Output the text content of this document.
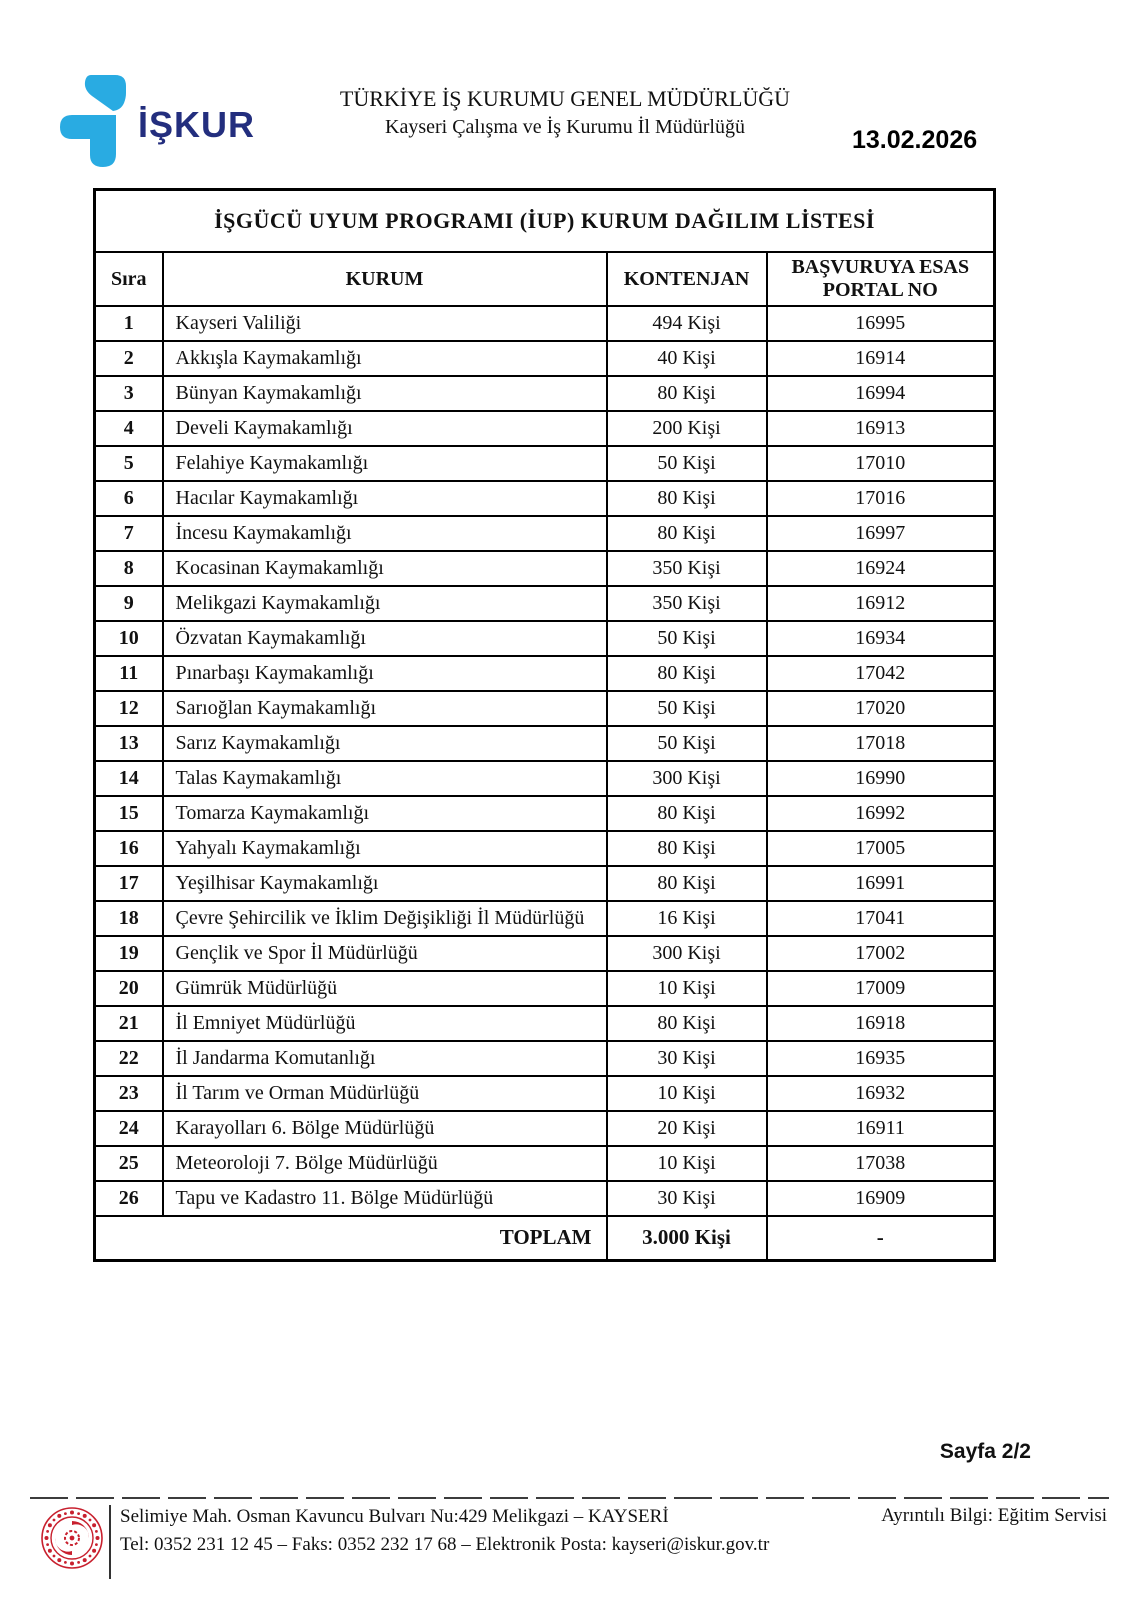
İŞKUR
TÜRKİYE İŞ KURUMU GENEL MÜDÜRLÜĞÜ
Kayseri Çalışma ve İş Kurumu İl Müdürlüğü	13.02.2026
İŞGÜCÜ UYUM PROGRAMI (İUP) KURUM DAĞILIM LİSTESİ			
Sıra	KURUM	KONTENJAN	BAŞVURUYA ESAS PORTAL NO
1	Kayseri Valiliği	494 Kişi	16995
2	Akkışla Kaymakamlığı	40 Kişi	16914
3	Bünyan Kaymakamlığı	80 Kişi	16994
4	Develi Kaymakamlığı	200 Kişi	16913
5	Felahiye Kaymakamlığı	50 Kişi	17010
6	Hacılar Kaymakamlığı	80 Kişi	17016
7	İncesu Kaymakamlığı	80 Kişi	16997
8	Kocasinan Kaymakamlığı	350 Kişi	16924
9	Melikgazi Kaymakamlığı	350 Kişi	16912
10	Özvatan Kaymakamlığı	50 Kişi	16934
11	Pınarbaşı Kaymakamlığı	80 Kişi	17042
12	Sarıoğlan Kaymakamlığı	50 Kişi	17020
13	Sarız Kaymakamlığı	50 Kişi	17018
14	Talas Kaymakamlığı	300 Kişi	16990
15	Tomarza Kaymakamlığı	80 Kişi	16992
16	Yahyalı Kaymakamlığı	80 Kişi	17005
17	Yeşilhisar Kaymakamlığı	80 Kişi	16991
18	Çevre Şehircilik ve İklim Değişikliği İl Müdürlüğü	16 Kişi	17041
19	Gençlik ve Spor İl Müdürlüğü	300 Kişi	17002
20	Gümrük Müdürlüğü	10 Kişi	17009
21	İl Emniyet Müdürlüğü	80 Kişi	16918
22	İl Jandarma Komutanlığı	30 Kişi	16935
23	İl Tarım ve Orman Müdürlüğü	10 Kişi	16932
24	Karayolları 6. Bölge Müdürlüğü	20 Kişi	16911
25	Meteoroloji 7. Bölge Müdürlüğü	10 Kişi	17038
26	Tapu ve Kadastro 11. Bölge Müdürlüğü	30 Kişi	16909
TOPLAM		3.000 Kişi	-
Sayfa 2/2
Selimiye Mah. Osman Kavuncu Bulvarı Nu:429 Melikgazi – KAYSERİ
Tel: 0352 231 12 45 – Faks: 0352 232 17 68 – Elektronik Posta: kayseri@iskur.gov.tr
Ayrıntılı Bilgi: Eğitim Servisi
